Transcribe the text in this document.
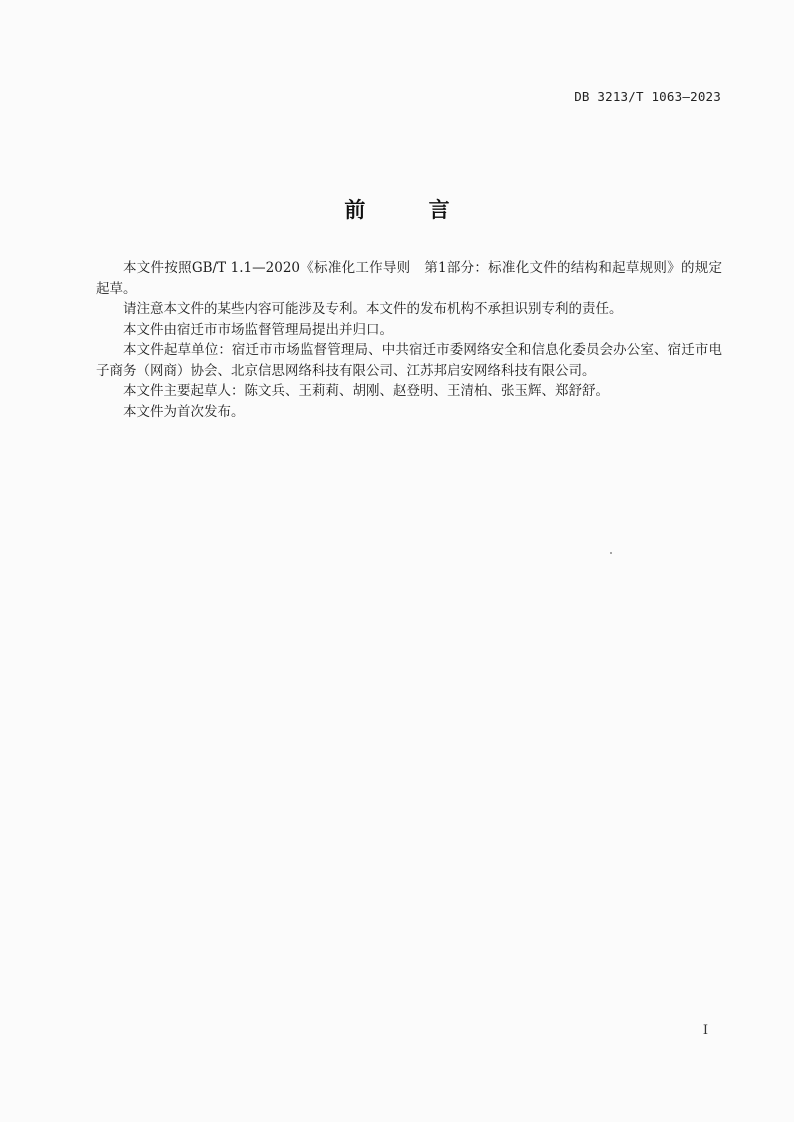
DB 3213/T 1063—2023
前 言

本文件按照GB/T 1.1—2020《标准化工作导则　第1部分：标准化文件的结构和起草规则》的规定起草。

请注意本文件的某些内容可能涉及专利。本文件的发布机构不承担识别专利的责任。

本文件由宿迁市市场监督管理局提出并归口。

本文件起草单位：宿迁市市场监督管理局、中共宿迁市委网络安全和信息化委员会办公室、宿迁市电子商务（网商）协会、北京信思网络科技有限公司、江苏邦启安网络科技有限公司。

本文件主要起草人：陈文兵、王莉莉、胡刚、赵登明、王清柏、张玉辉、郑舒舒。

本文件为首次发布。

I
